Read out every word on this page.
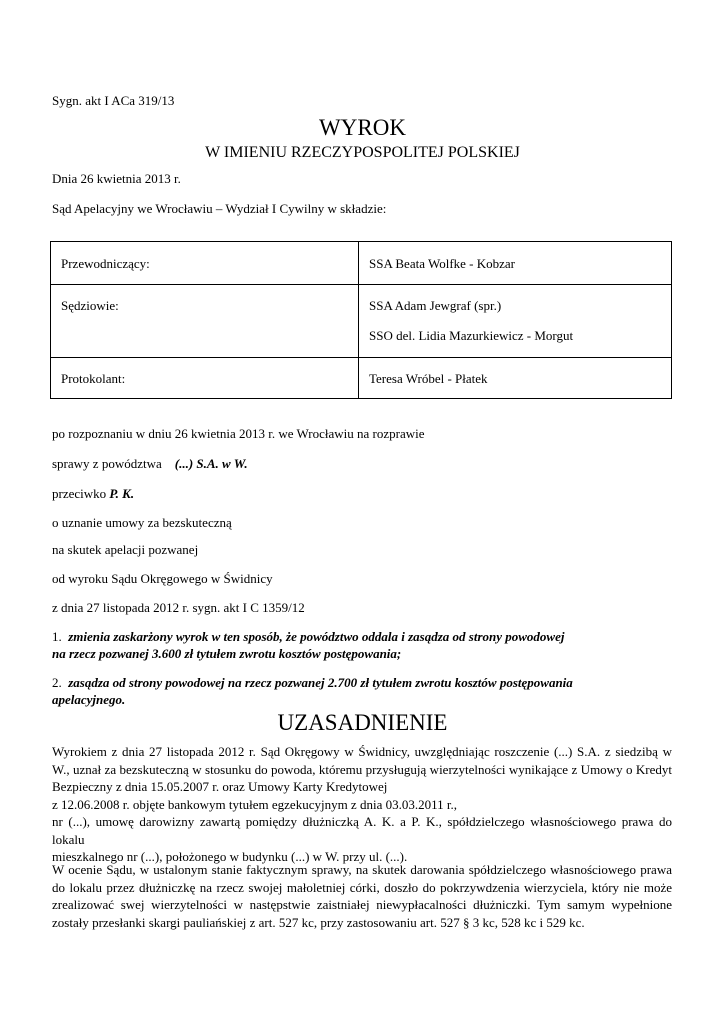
Sygn. akt I ACa 319/13
WYROK
W IMIENIU RZECZYPOSPOLITEJ POLSKIEJ
Dnia 26 kwietnia 2013 r.
Sąd Apelacyjny we Wrocławiu – Wydział I Cywilny w składzie:
Przewodniczący:	SSA Beata Wolfke - Kobzar
Sędziowie:	SSA Adam Jewgraf (spr.)
SSO del. Lidia Mazurkiewicz - Morgut
Protokolant:	Teresa Wróbel - Płatek
po rozpoznaniu w dniu 26 kwietnia 2013 r. we Wrocławiu na rozprawie
sprawy z powództwa (...) S.A. w W.
przeciwko P. K.
o uznanie umowy za bezskuteczną
na skutek apelacji pozwanej
od wyroku Sądu Okręgowego w Świdnicy
z dnia 27 listopada 2012 r. sygn. akt I C 1359/12
1. zmienia zaskarżony wyrok w ten sposób, że powództwo oddala i zasądza od strony powodowej
na rzecz pozwanej 3.600 zł tytułem zwrotu kosztów postępowania;
2. zasądza od strony powodowej na rzecz pozwanej 2.700 zł tytułem zwrotu kosztów postępowania
apelacyjnego.
UZASADNIENIE
Wyrokiem z dnia 27 listopada 2012 r. Sąd Okręgowy w Świdnicy, uwzględniając roszczenie (...) S.A. z siedzibą w
W., uznał za bezskuteczną w stosunku do powoda, któremu przysługują wierzytelności wynikające z Umowy o Kredyt
Bezpieczny z dnia 15.05.2007 r. oraz Umowy Karty Kredytowej
z 12.06.2008 r. objęte bankowym tytułem egzekucyjnym z dnia 03.03.2011 r.,
nr (...), umowę darowizny zawartą pomiędzy dłużniczką A. K. a P. K., spółdzielczego własnościowego prawa do lokalu
mieszkalnego nr (...), położonego w budynku (...) w W. przy ul. (...).
W ocenie Sądu, w ustalonym stanie faktycznym sprawy, na skutek darowania spółdzielczego własnościowego prawa
do lokalu przez dłużniczkę na rzecz swojej małoletniej córki, doszło do pokrzywdzenia wierzyciela, który nie może
zrealizować swej wierzytelności w następstwie zaistniałej niewypłacalności dłużniczki. Tym samym wypełnione
zostały przesłanki skargi pauliańskiej z art. 527 kc, przy zastosowaniu art. 527 § 3 kc, 528 kc i 529 kc.
